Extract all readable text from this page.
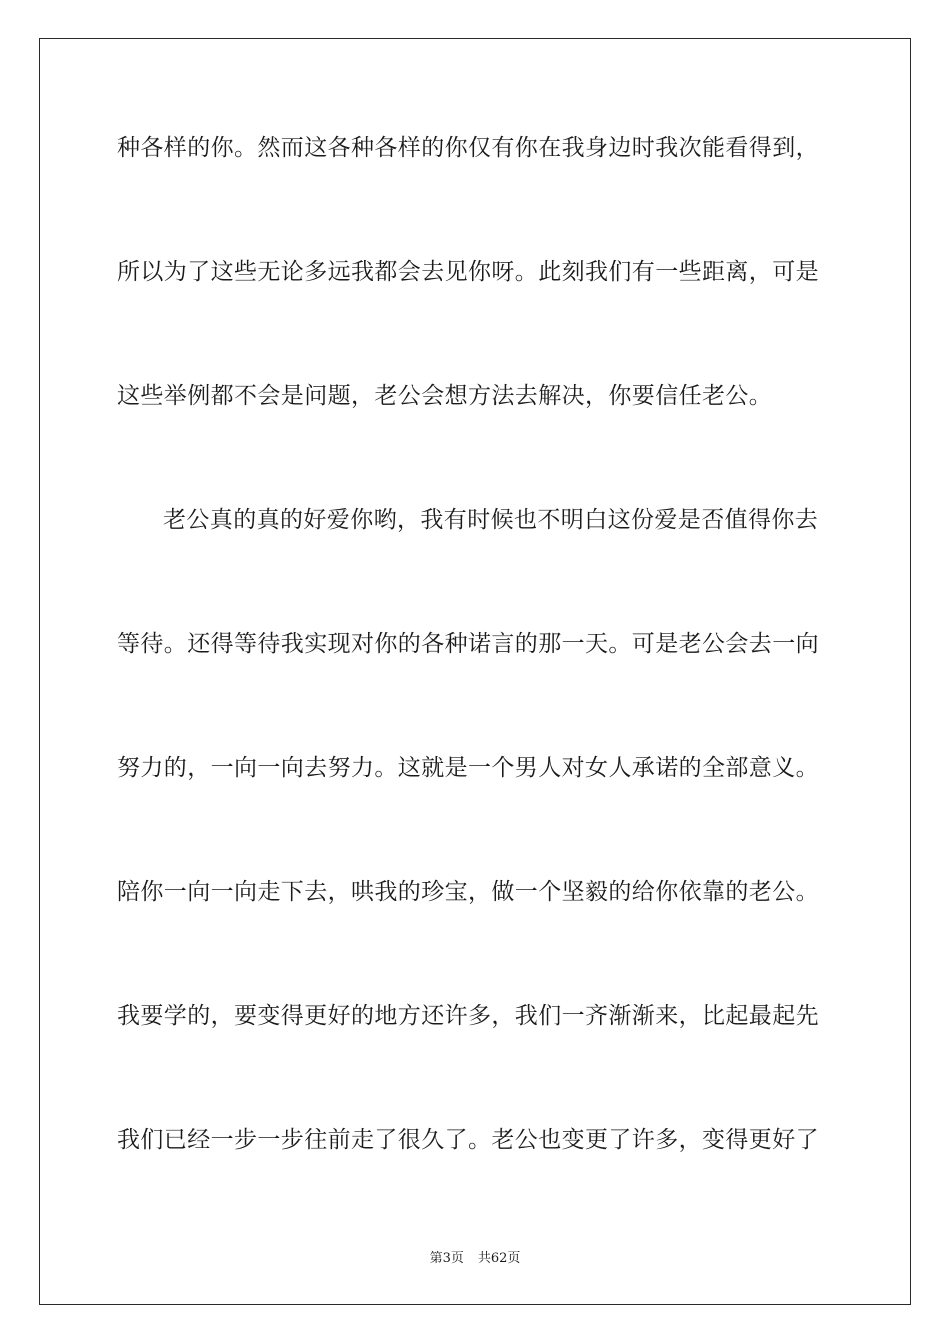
种各样的你。然而这各种各样的你仅有你在我身边时我次能看得到，
所以为了这些无论多远我都会去见你呀。此刻我们有一些距离，可是
这些举例都不会是问题，老公会想方法去解决，你要信任老公。
老公真的真的好爱你哟，我有时候也不明白这份爱是否值得你去
等待。还得等待我实现对你的各种诺言的那一天。可是老公会去一向
努力的，一向一向去努力。这就是一个男人对女人承诺的全部意义。
陪你一向一向走下去，哄我的珍宝，做一个坚毅的给你依靠的老公。
我要学的，要变得更好的地方还许多，我们一齐渐渐来，比起最起先
我们已经一步一步往前走了很久了。老公也变更了许多，变得更好了
第3页 共62页
